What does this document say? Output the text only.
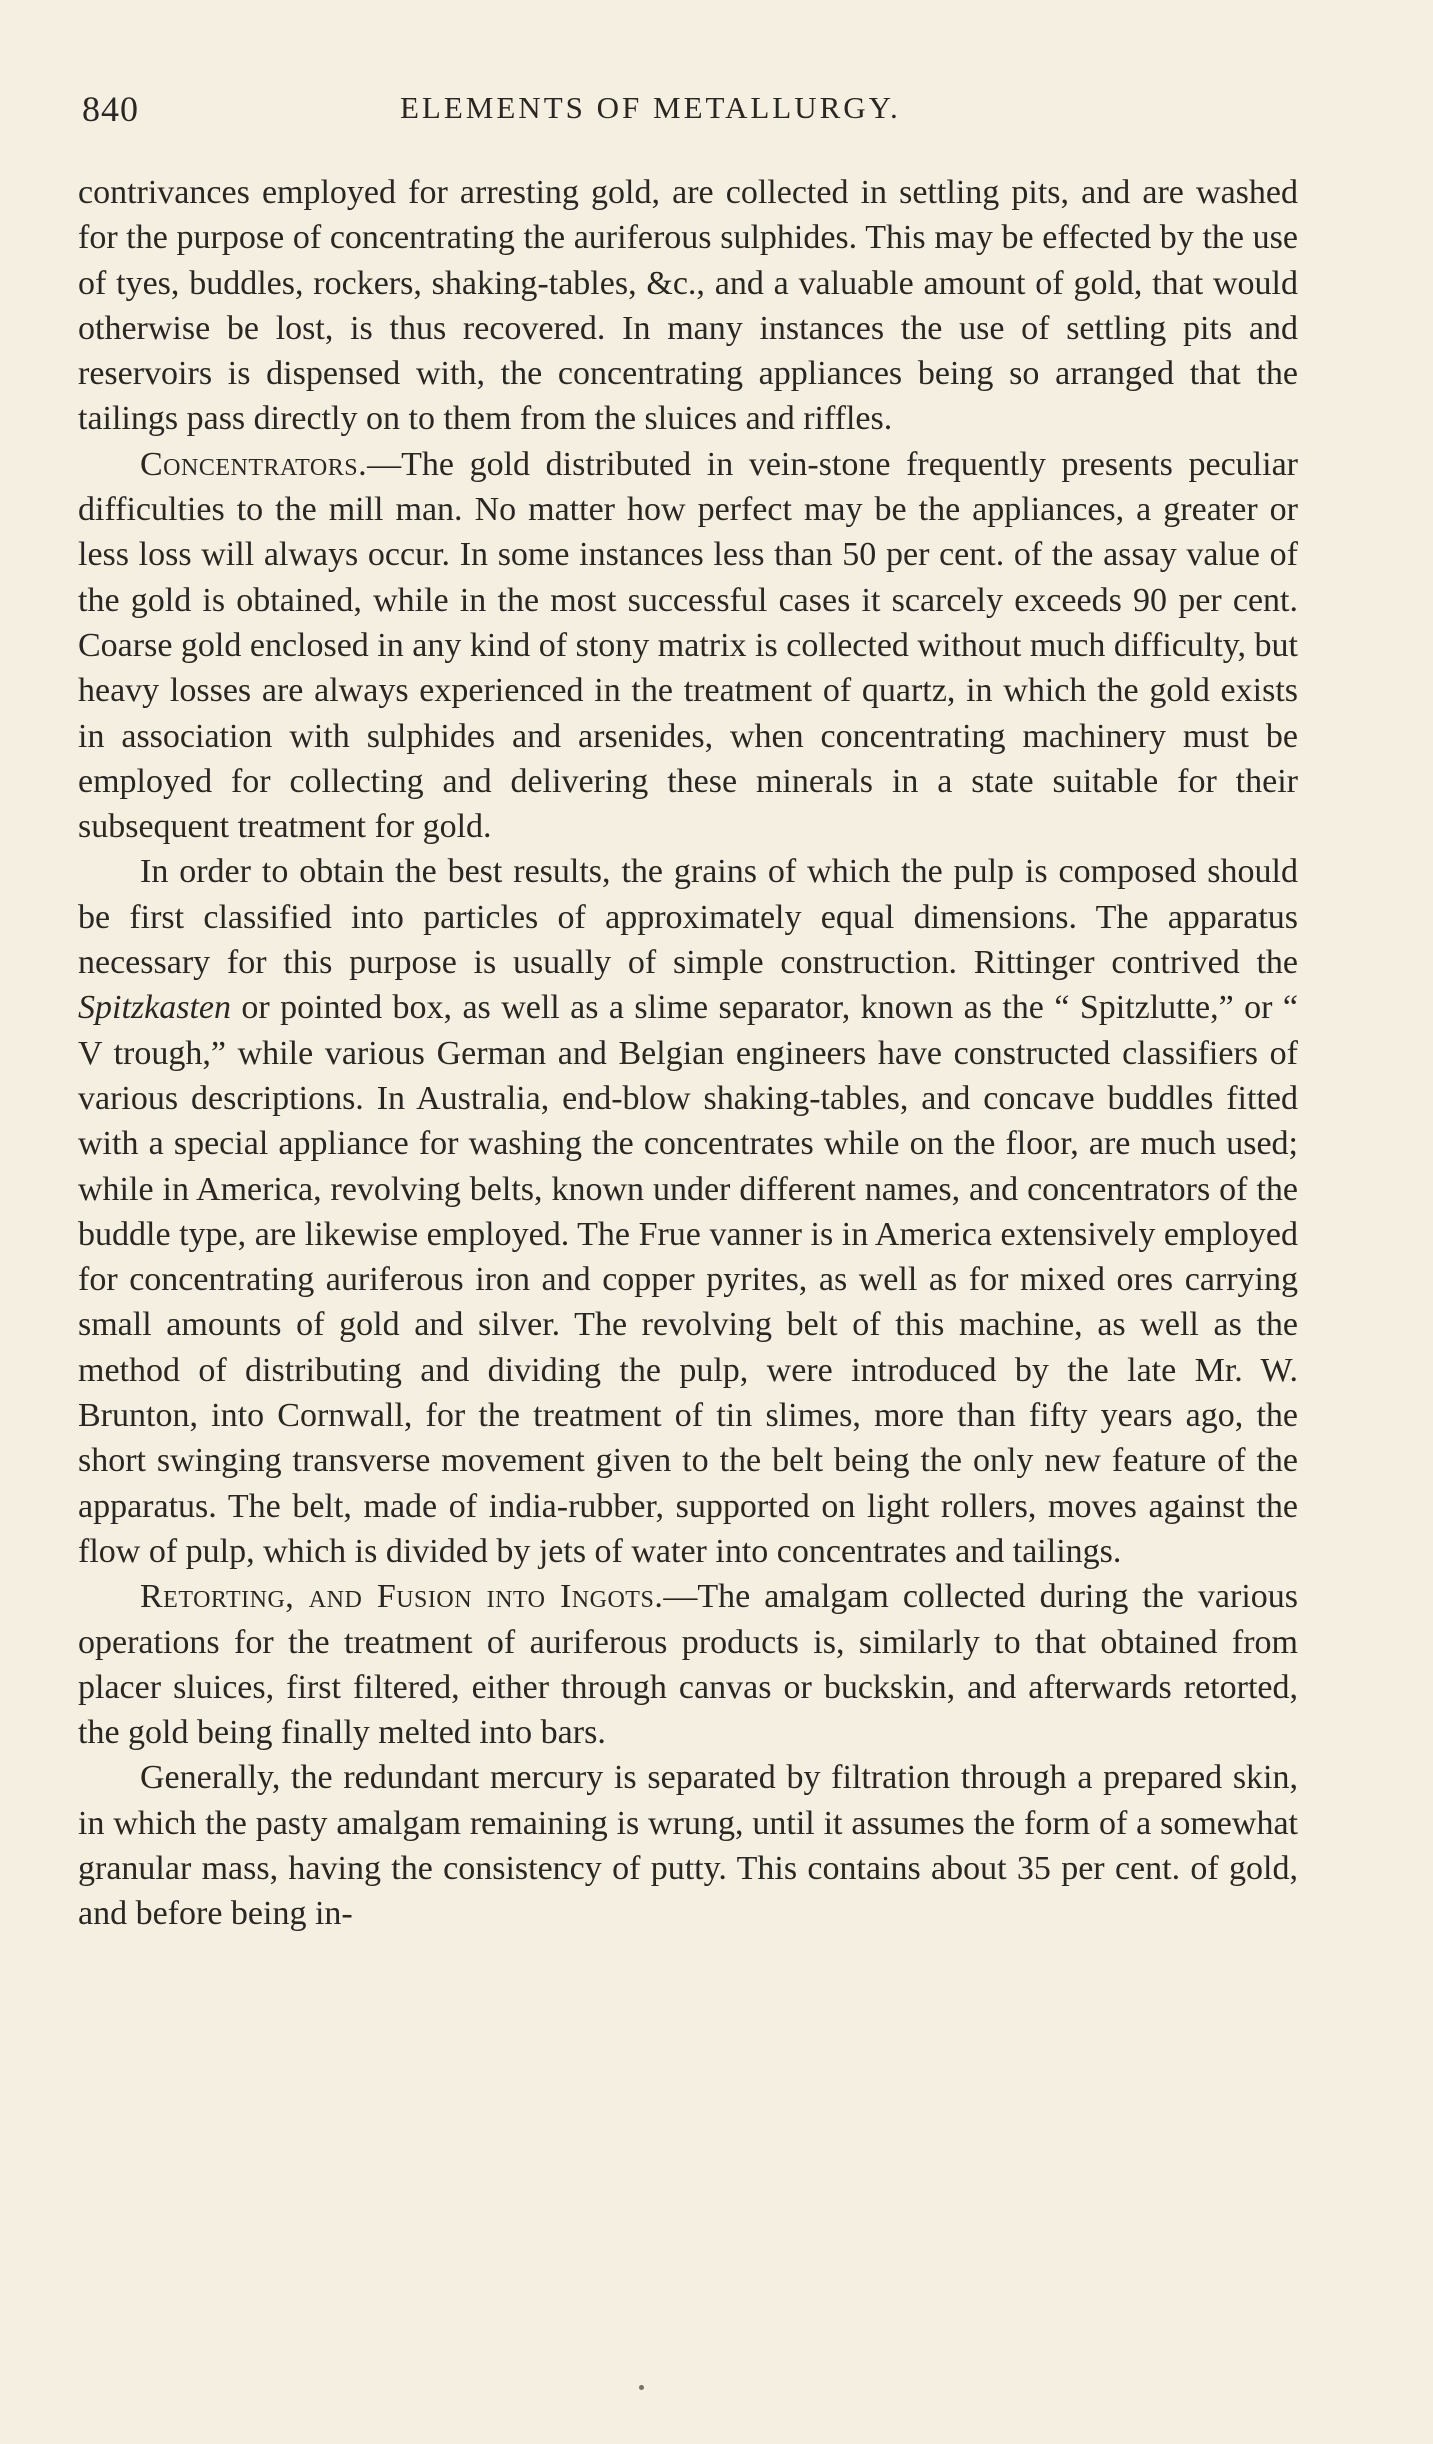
840	ELEMENTS OF METALLURGY.

contrivances employed for arresting gold, are collected in settling pits, and are washed for the purpose of concentrating the auriferous sulphides. This may be effected by the use of tyes, buddles, rockers, shaking-tables, &c., and a valuable amount of gold, that would otherwise be lost, is thus recovered. In many instances the use of settling pits and reservoirs is dispensed with, the concentrating appliances being so arranged that the tailings pass directly on to them from the sluices and riffles.

Concentrators.—The gold distributed in vein-stone frequently presents peculiar difficulties to the mill man. No matter how perfect may be the appliances, a greater or less loss will always occur. In some instances less than 50 per cent. of the assay value of the gold is obtained, while in the most successful cases it scarcely exceeds 90 per cent. Coarse gold enclosed in any kind of stony matrix is collected without much difficulty, but heavy losses are always experienced in the treatment of quartz, in which the gold exists in association with sulphides and arsenides, when concentrating machinery must be employed for collecting and delivering these minerals in a state suitable for their subsequent treatment for gold.

In order to obtain the best results, the grains of which the pulp is composed should be first classified into particles of approximately equal dimensions. The apparatus necessary for this purpose is usually of simple construction. Rittinger contrived the Spitzkasten or pointed box, as well as a slime separator, known as the “ Spitzlutte,” or “ V trough,” while various German and Belgian engineers have constructed classifiers of various descriptions. In Australia, end-blow shaking-tables, and concave buddles fitted with a special appliance for washing the concentrates while on the floor, are much used; while in America, revolving belts, known under different names, and concentrators of the buddle type, are likewise employed. The Frue vanner is in America extensively employed for concentrating auriferous iron and copper pyrites, as well as for mixed ores carrying small amounts of gold and silver. The revolving belt of this machine, as well as the method of distributing and dividing the pulp, were introduced by the late Mr. W. Brunton, into Cornwall, for the treatment of tin slimes, more than fifty years ago, the short swinging transverse movement given to the belt being the only new feature of the apparatus. The belt, made of india-rubber, supported on light rollers, moves against the flow of pulp, which is divided by jets of water into concentrates and tailings.

Retorting, and Fusion into Ingots.—The amalgam collected during the various operations for the treatment of auriferous products is, similarly to that obtained from placer sluices, first filtered, either through canvas or buckskin, and afterwards retorted, the gold being finally melted into bars.

Generally, the redundant mercury is separated by filtration through a prepared skin, in which the pasty amalgam remaining is wrung, until it assumes the form of a somewhat granular mass, having the consistency of putty. This contains about 35 per cent. of gold, and before being in-
